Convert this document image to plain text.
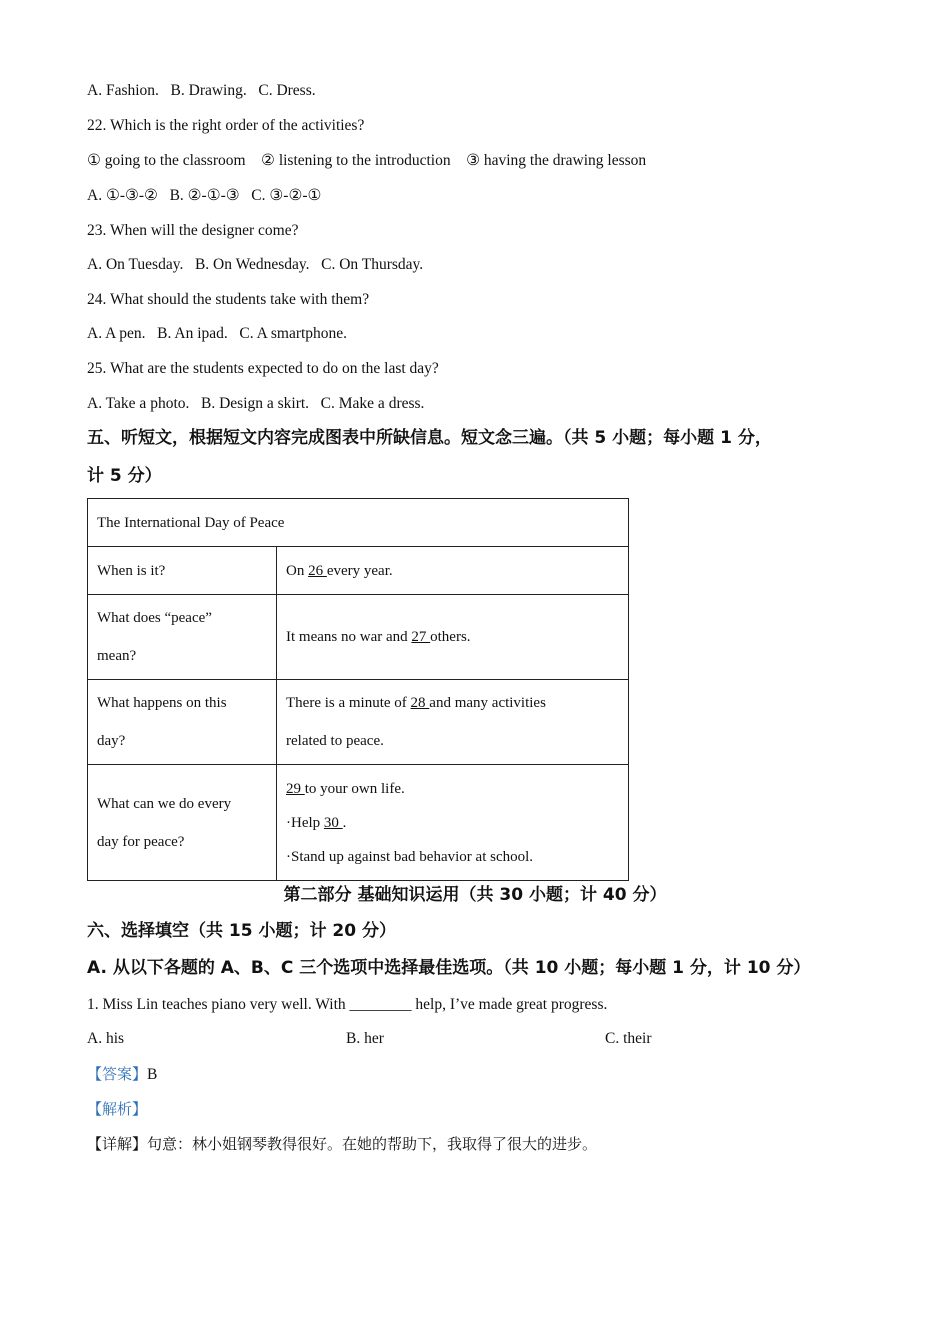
A. Fashion.   B. Drawing.   C. Dress.
22. Which is the right order of the activities?
① going to the classroom    ② listening to the introduction    ③ having the drawing lesson
A. ①-③-②   B. ②-①-③   C. ③-②-①
23. When will the designer come?
A. On Tuesday.   B. On Wednesday.   C. On Thursday.
24. What should the students take with them?
A. A pen.   B. An ipad.   C. A smartphone.
25. What are the students expected to do on the last day?
A. Take a photo.   B. Design a skirt.   C. Make a dress.
五、听短文，根据短文内容完成图表中所缺信息。短文念三遍。（共 5 小题；每小题 1 分，
计 5 分）
The International Day of Peace	
When is it?	On 26 every year.

What does “peace”
mean?	It means no war and 27 others.

What happens on this
day?	There is a minute of 28 and many activities
related to peace.

What can we do every
day for peace?	29 to your own life.
·Help 30 .
·Stand up against bad behavior at school.
第二部分 基础知识运用（共 30 小题；计 40 分）
六、选择填空（共 15 小题；计 20 分）
A. 从以下各题的 A、B、C 三个选项中选择最佳选项。（共 10 小题；每小题 1 分，计 10 分）
1. Miss Lin teaches piano very well. With ________ help, I’ve made great progress.
A. his	B. her	C. their
【答案】B
【解析】
【详解】句意：林小姐钢琴教得很好。在她的帮助下，我取得了很大的进步。
